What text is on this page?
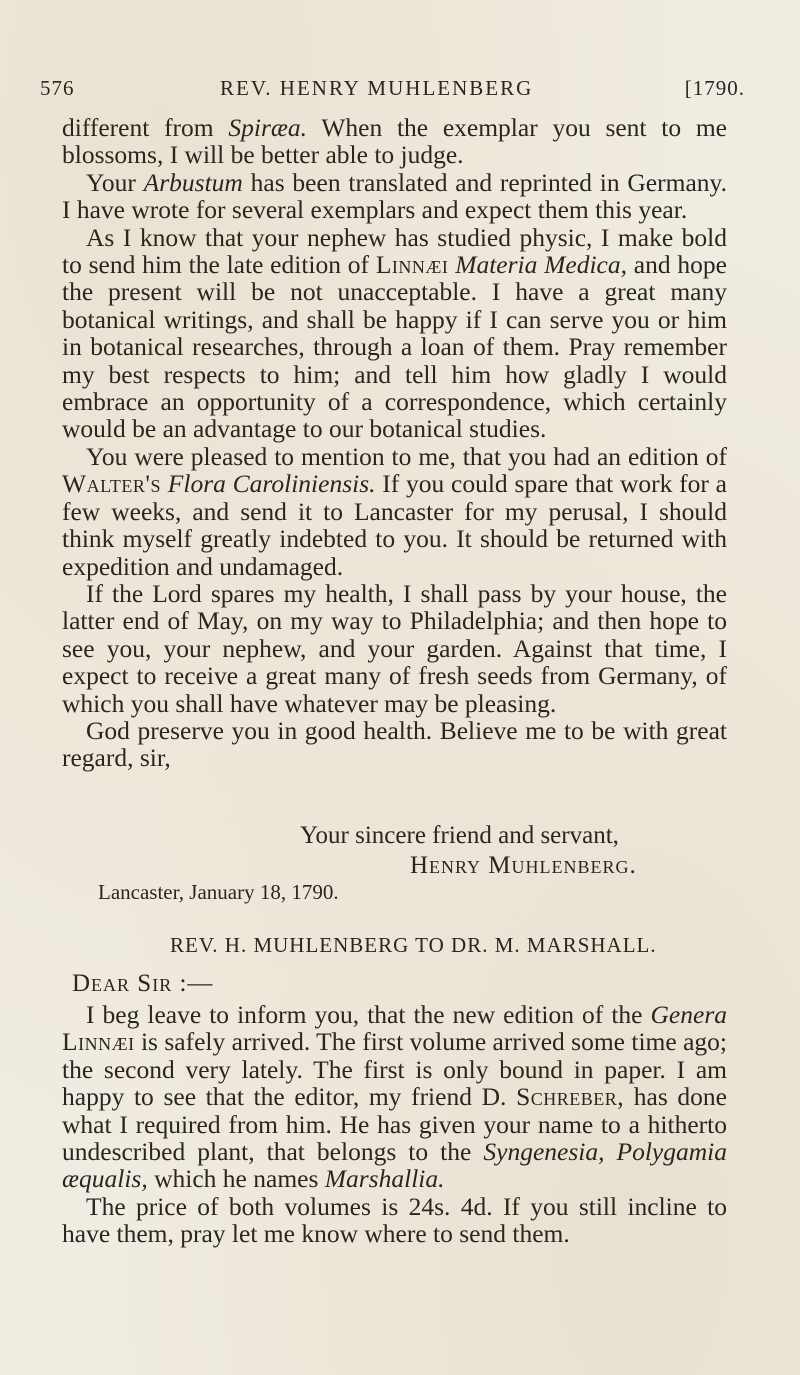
576	REV. HENRY MUHLENBERG	[1790.

different from Spiræa. When the exemplar you sent to me blossoms, I will be better able to judge.

Your Arbustum has been translated and reprinted in Germany. I have wrote for several exemplars and expect them this year.

As I know that your nephew has studied physic, I make bold to send him the late edition of Linnæi Materia Medica, and hope the present will be not unacceptable. I have a great many botanical writings, and shall be happy if I can serve you or him in botanical researches, through a loan of them. Pray remember my best respects to him; and tell him how gladly I would embrace an opportunity of a correspondence, which certainly would be an advantage to our botanical studies.

You were pleased to mention to me, that you had an edition of Walter's Flora Caroliniensis. If you could spare that work for a few weeks, and send it to Lancaster for my perusal, I should think myself greatly indebted to you. It should be returned with expedition and undamaged.

If the Lord spares my health, I shall pass by your house, the latter end of May, on my way to Philadelphia; and then hope to see you, your nephew, and your garden. Against that time, I expect to receive a great many of fresh seeds from Germany, of which you shall have whatever may be pleasing.

God preserve you in good health. Believe me to be with great regard, sir,

Your sincere friend and servant,
Henry Muhlenberg.
Lancaster, January 18, 1790.
REV. H. MUHLENBERG TO DR. M. MARSHALL.
Dear Sir :—

I beg leave to inform you, that the new edition of the Genera Linnæi is safely arrived. The first volume arrived some time ago; the second very lately. The first is only bound in paper. I am happy to see that the editor, my friend D. Schreber, has done what I required from him. He has given your name to a hitherto undescribed plant, that belongs to the Syngenesia, Polygamia æqualis, which he names Marshallia.

The price of both volumes is 24s. 4d. If you still incline to have them, pray let me know where to send them.
